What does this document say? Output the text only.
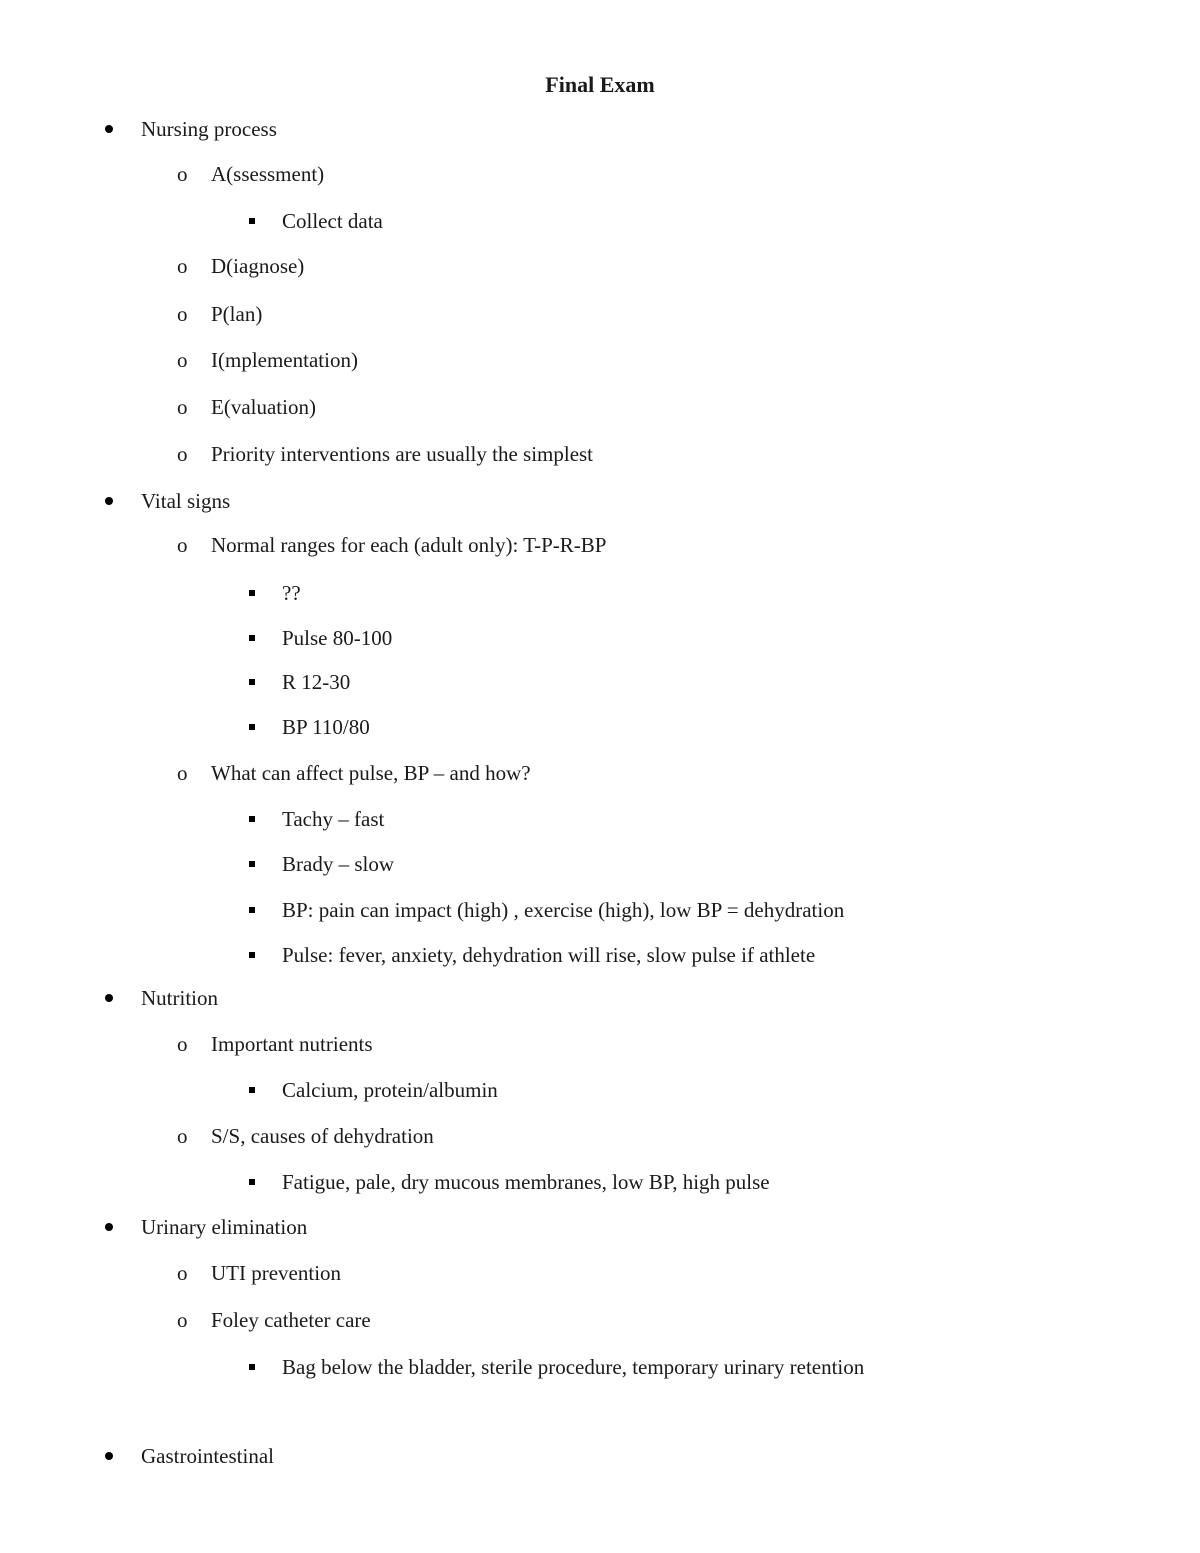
Final Exam
Nursing process
o A(ssessment)
Collect data
o D(iagnose)
o P(lan)
o I(mplementation)
o E(valuation)
o Priority interventions are usually the simplest
Vital signs
o Normal ranges for each (adult only): T-P-R-BP
??
Pulse 80-100
R 12-30
BP 110/80
o What can affect pulse, BP – and how?
Tachy – fast
Brady – slow
BP: pain can impact (high) , exercise (high), low BP = dehydration
Pulse: fever, anxiety, dehydration will rise, slow pulse if athlete
Nutrition
o Important nutrients
Calcium, protein/albumin
o S/S, causes of dehydration
Fatigue, pale, dry mucous membranes, low BP, high pulse
Urinary elimination
o UTI prevention
o Foley catheter care
Bag below the bladder, sterile procedure, temporary urinary retention
Gastrointestinal
